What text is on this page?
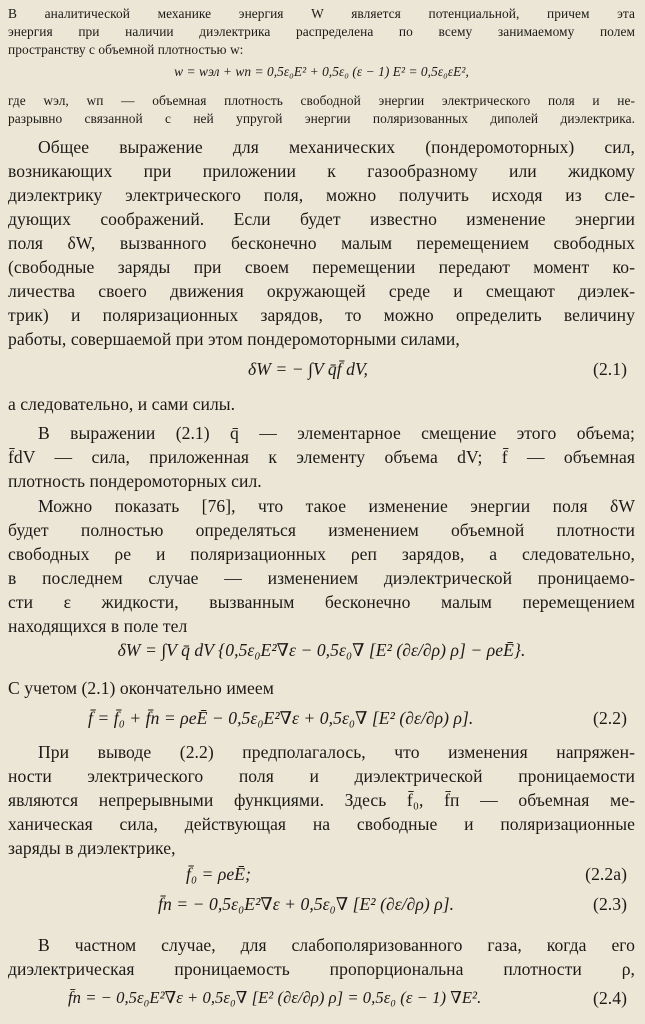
В аналитической механике энергия W является потенциальной, причем эта
энергия при наличии диэлектрика распределена по всему занимаемому полем
пространству с объемной плотностью w:
w = wэл + wп = 0,5ε₀E² + 0,5ε₀ (ε − 1) E² = 0,5ε₀εE²,
где wэл, wп — объемная плотность свободной энергии электрического поля и не-
разрывно связанной с ней упругой энергии поляризованных диполей диэлектрика.
Общее выражение для механических (пондеромоторных) сил,
возникающих при приложении к газообразному или жидкому
диэлектрику электрического поля, можно получить исходя из сле-
дующих соображений. Если будет известно изменение энергии
поля δW, вызванного бесконечно малым перемещением свободных
(свободные заряды при своем перемещении передают момент ко-
личества своего движения окружающей среде и смещают диэлек-
трик) и поляризационных зарядов, то можно определить величину
работы, совершаемой при этом пондеромоторными силами,
δW = − ∫V q̄f̄ dV,	(2.1)
а следовательно, и сами силы.
В выражении (2.1) q̄ — элементарное смещение этого объема;
f̄dV — сила, приложенная к элементу объема dV; f̄ — объемная
плотность пондеромоторных сил.
Можно показать [76], что такое изменение энергии поля δW
будет полностью определяться изменением объемной плотности
свободных ρe и поляризационных ρеп зарядов, а следовательно,
в последнем случае — изменением диэлектрической проницаемо-
сти ε жидкости, вызванным бесконечно малым перемещением
находящихся в поле тел
δW = ∫V q̄ dV {0,5ε₀E²∇ε − 0,5ε₀∇ [E² (∂ε/∂ρ) ρ] − ρeĒ}.
С учетом (2.1) окончательно имеем
f̄ = f̄₀ + f̄п = ρeĒ − 0,5ε₀E²∇ε + 0,5ε₀∇ [E² (∂ε/∂ρ) ρ].	(2.2)
При выводе (2.2) предполагалось, что изменения напряжен-
ности электрического поля и диэлектрической проницаемости
являются непрерывными функциями. Здесь f̄₀, f̄п — объемная ме-
ханическая сила, действующая на свободные и поляризационные
заряды в диэлектрике,
f̄₀ = ρeĒ;	(2.2а)
f̄п = − 0,5ε₀E²∇ε + 0,5ε₀∇ [E² (∂ε/∂ρ) ρ].	(2.3)
В частном случае, для слабополяризованного газа, когда его
диэлектрическая проницаемость пропорциональна плотности ρ,
f̄п = − 0,5ε₀E²∇ε + 0,5ε₀∇ [E² (∂ε/∂ρ) ρ] = 0,5ε₀ (ε − 1) ∇E².	(2.4)
